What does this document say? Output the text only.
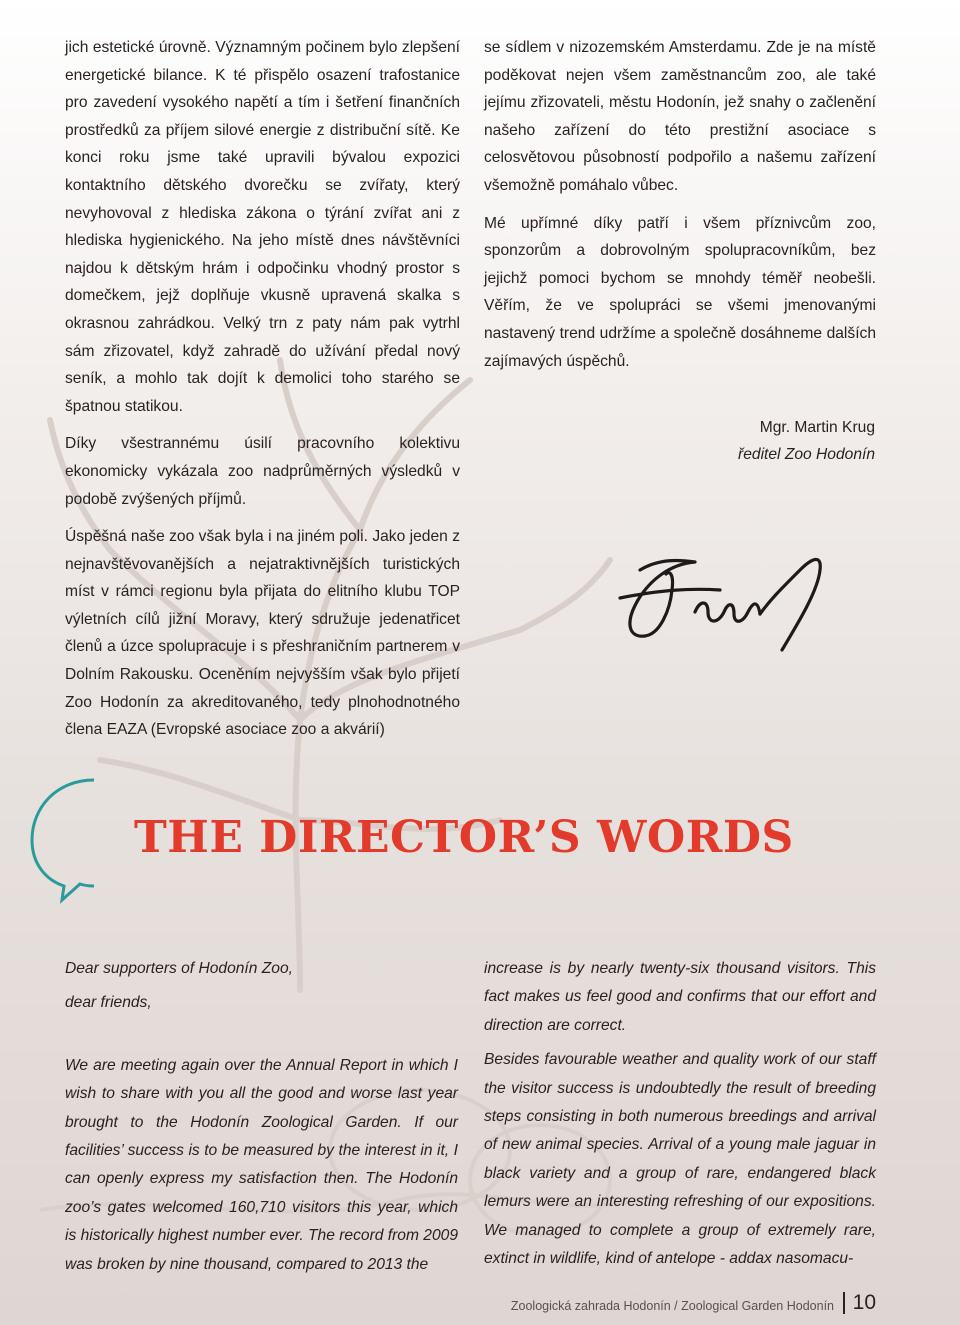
jich estetické úrovně. Významným počinem bylo zlepšení energetické bilance. K té přispělo osazení trafostanice pro zavedení vysokého napětí a tím i šetření finančních prostředků za příjem silové energie z distribuční sítě. Ke konci roku jsme také upravili bývalou expozici kontaktního dětského dvorečku se zvířaty, který nevyhovoval z hlediska zákona o týrání zvířat ani z hlediska hygienického. Na jeho místě dnes návštěvníci najdou k dětským hrám i odpočinku vhodný prostor s domečkem, jejž doplňuje vkusně upravená skalka s okrasnou zahrádkou. Velký trn z paty nám pak vytrhl sám zřizovatel, když zahradě do užívání předal nový seník, a mohlo tak dojít k demolici toho starého se špatnou statikou.

Díky všestrannému úsilí pracovního kolektivu ekonomicky vykázala zoo nadprůměrných výsledků v podobě zvýšených příjmů.

Úspěšná naše zoo však byla i na jiném poli. Jako jeden z nejnavštěvovanějších a nejatraktivnějších turistických míst v rámci regionu byla přijata do elitního klubu TOP výletních cílů jižní Moravy, který sdružuje jedenatřicet členů a úzce spolupracuje i s přeshraničním partnerem v Dolním Rakousku. Oceněním nejvyšším však bylo přijetí Zoo Hodonín za akreditovaného, tedy plnohodnotného člena EAZA (Evropské asociace zoo a akvárií)

se sídlem v nizozemském Amsterdamu. Zde je na místě poděkovat nejen všem zaměstnancům zoo, ale také jejímu zřizovateli, městu Hodonín, jež snahy o začlenění našeho zařízení do této prestižní asociace s celosvětovou působností podpořilo a našemu zařízení všemožně pomáhalo vůbec.

Mé upřímné díky patří i všem příznivcům zoo, sponzorům a dobrovolným spolupracovníkům, bez jejichž pomoci bychom se mnohdy téměř neobešli. Věřím, že ve spolupráci se všemi jmenovanými nastavený trend udržíme a společně dosáhneme dalších zajímavých úspěchů.

Mgr. Martin Krug
ředitel Zoo Hodonín
THE DIRECTOR’S WORDS

Dear supporters of Hodonín Zoo,

dear friends,

We are meeting again over the Annual Report in which I wish to share with you all the good and worse last year brought to the Hodonín Zoological Garden. If our facilities’ success is to be measured by the interest in it, I can openly express my satisfaction then. The Hodonín zoo’s gates welcomed 160,710 visitors this year, which is historically highest number ever. The record from 2009 was broken by nine thousand, compared to 2013 the

increase is by nearly twenty-six thousand visitors. This fact makes us feel good and confirms that our effort and direction are correct.

Besides favourable weather and quality work of our staff the visitor success is undoubtedly the result of breeding steps consisting in both numerous breedings and arrival of new animal species. Arrival of a young male jaguar in black variety and a group of rare, endangered black lemurs were an interesting refreshing of our expositions. We managed to complete a group of extremely rare, extinct in wildlife, kind of antelope - addax nasomacu-

Zoologická zahrada Hodonín / Zoological Garden Hodonín 10
